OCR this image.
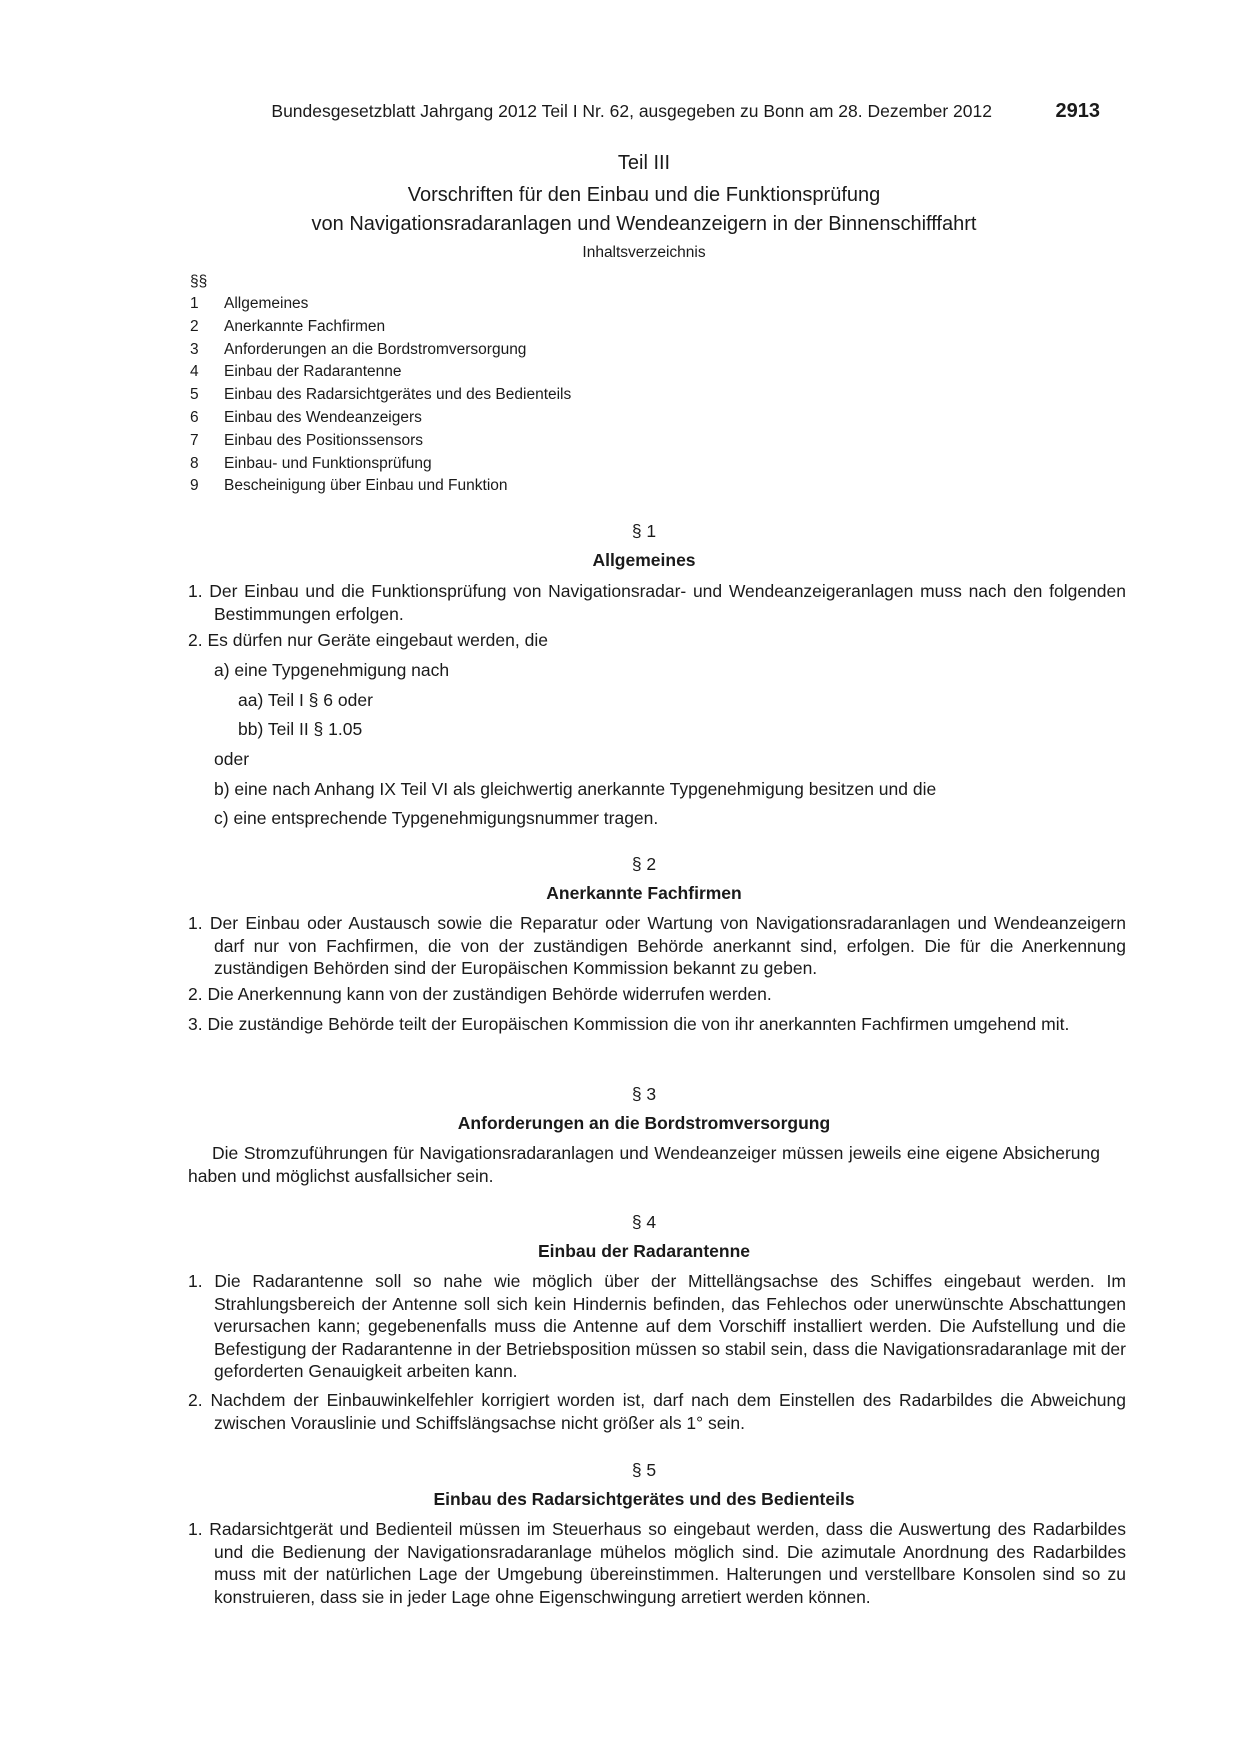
Bundesgesetzblatt Jahrgang 2012 Teil I Nr. 62, ausgegeben zu Bonn am 28. Dezember 2012	2913
Teil III
Vorschriften für den Einbau und die Funktionsprüfung
von Navigationsradaranlagen und Wendeanzeigern in der Binnenschifffahrt
Inhaltsverzeichnis
§§
1	Allgemeines
2	Anerkannte Fachfirmen
3	Anforderungen an die Bordstromversorgung
4	Einbau der Radarantenne
5	Einbau des Radarsichtgerätes und des Bedienteils
6	Einbau des Wendeanzeigers
7	Einbau des Positionssensors
8	Einbau- und Funktionsprüfung
9	Bescheinigung über Einbau und Funktion
§ 1
Allgemeines
1. Der Einbau und die Funktionsprüfung von Navigationsradar- und Wendeanzeigeranlagen muss nach den folgenden Bestimmungen erfolgen.
2. Es dürfen nur Geräte eingebaut werden, die
a) eine Typgenehmigung nach
aa) Teil I § 6 oder
bb) Teil II § 1.05
oder
b) eine nach Anhang IX Teil VI als gleichwertig anerkannte Typgenehmigung besitzen und die
c) eine entsprechende Typgenehmigungsnummer tragen.
§ 2
Anerkannte Fachfirmen
1. Der Einbau oder Austausch sowie die Reparatur oder Wartung von Navigationsradaranlagen und Wendeanzeigern darf nur von Fachfirmen, die von der zuständigen Behörde anerkannt sind, erfolgen. Die für die Anerkennung zuständigen Behörden sind der Europäischen Kommission bekannt zu geben.
2. Die Anerkennung kann von der zuständigen Behörde widerrufen werden.
3. Die zuständige Behörde teilt der Europäischen Kommission die von ihr anerkannten Fachfirmen umgehend mit.
§ 3
Anforderungen an die Bordstromversorgung
Die Stromzuführungen für Navigationsradaranlagen und Wendeanzeiger müssen jeweils eine eigene Absicherung haben und möglichst ausfallsicher sein.
§ 4
Einbau der Radarantenne
1. Die Radarantenne soll so nahe wie möglich über der Mittellängsachse des Schiffes eingebaut werden. Im Strahlungsbereich der Antenne soll sich kein Hindernis befinden, das Fehlechos oder unerwünschte Abschattungen verursachen kann; gegebenenfalls muss die Antenne auf dem Vorschiff installiert werden. Die Aufstellung und die Befestigung der Radarantenne in der Betriebsposition müssen so stabil sein, dass die Navigationsradaranlage mit der geforderten Genauigkeit arbeiten kann.
2. Nachdem der Einbauwinkelfehler korrigiert worden ist, darf nach dem Einstellen des Radarbildes die Abweichung zwischen Vorauslinie und Schiffslängsachse nicht größer als 1° sein.
§ 5
Einbau des Radarsichtgerätes und des Bedienteils
1. Radarsichtgerät und Bedienteil müssen im Steuerhaus so eingebaut werden, dass die Auswertung des Radarbildes und die Bedienung der Navigationsradaranlage mühelos möglich sind. Die azimutale Anordnung des Radarbildes muss mit der natürlichen Lage der Umgebung übereinstimmen. Halterungen und verstellbare Konsolen sind so zu konstruieren, dass sie in jeder Lage ohne Eigenschwingung arretiert werden können.
